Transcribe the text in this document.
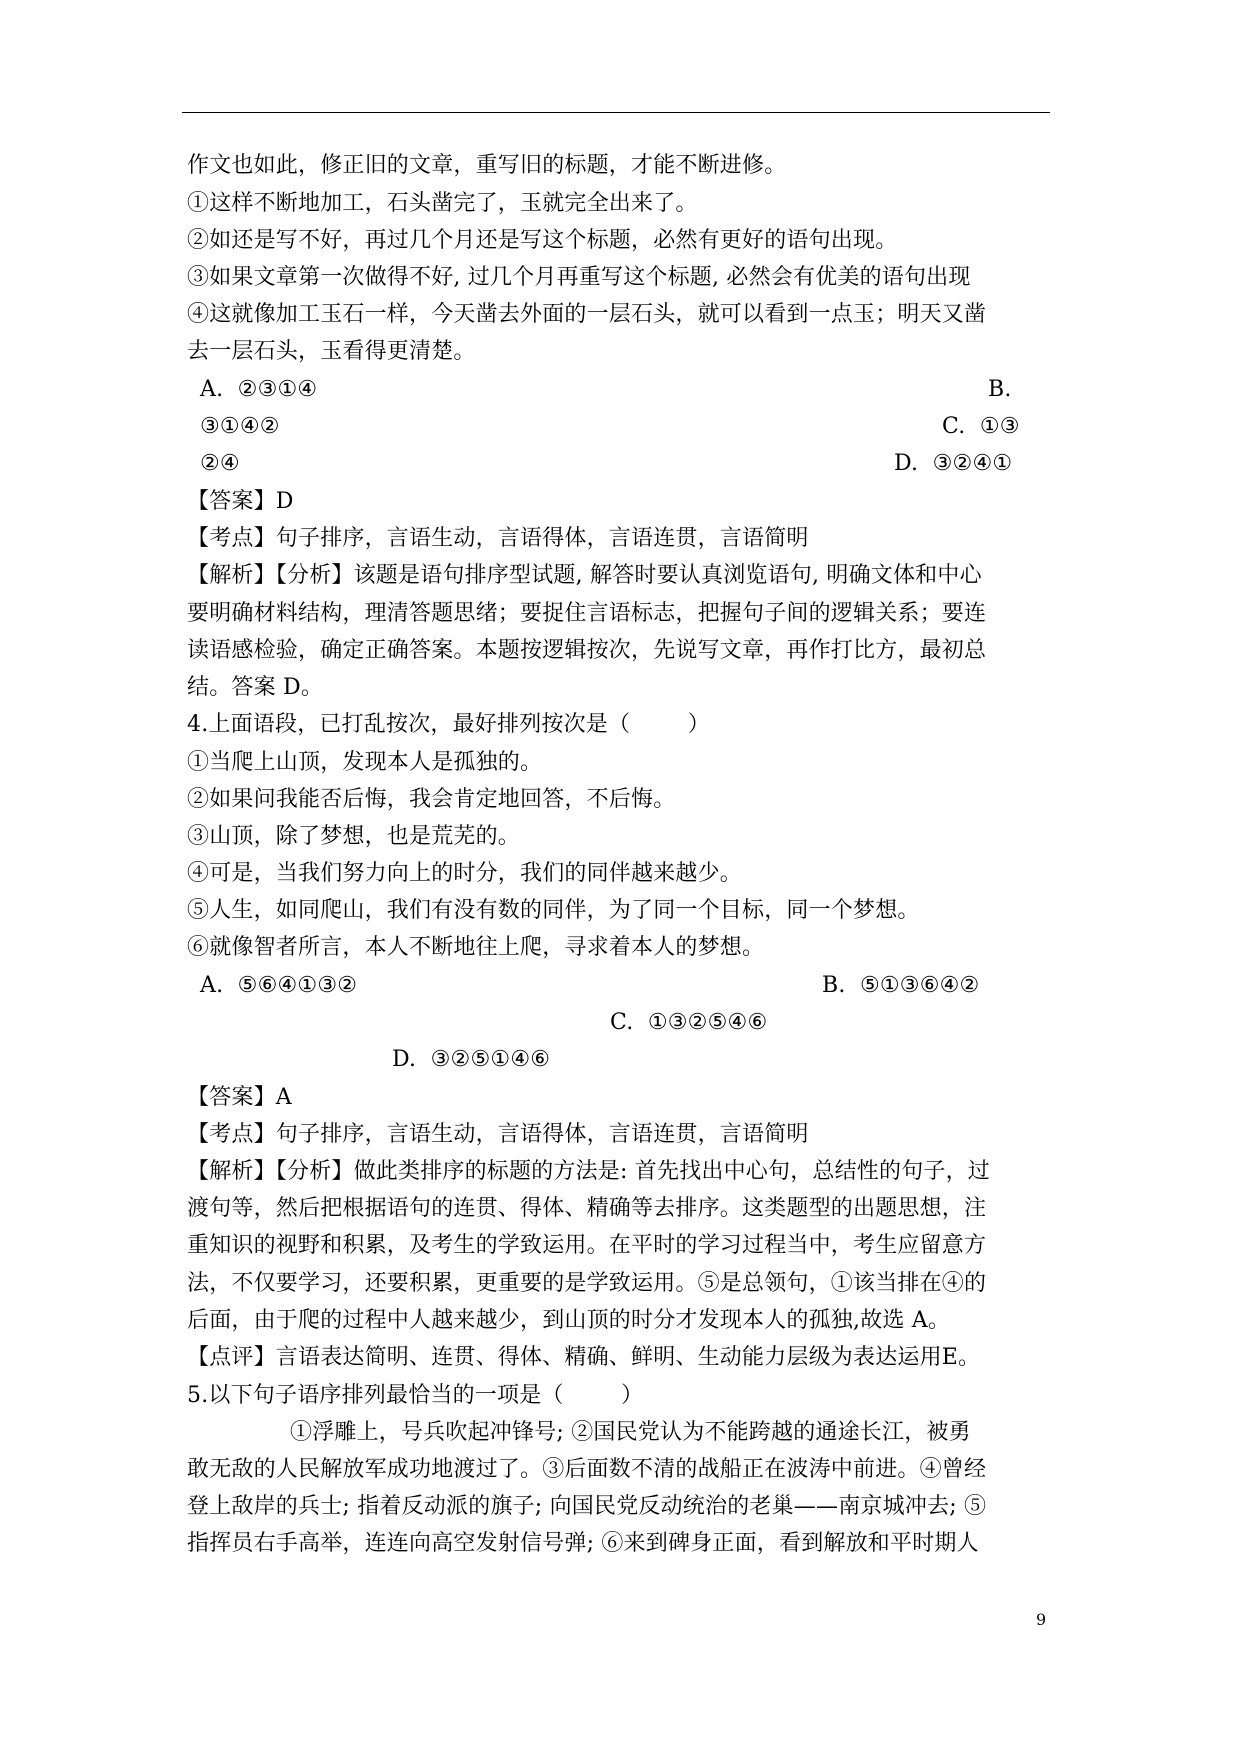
作文也如此，修正旧的文章，重写旧的标题，才能不断进修。
①这样不断地加工，石头凿完了，玉就完全出来了。
②如还是写不好，再过几个月还是写这个标题，必然有更好的语句出现。
③如果文章第一次做得不好, 过几个月再重写这个标题, 必然会有优美的语句出现
④这就像加工玉石一样，今天凿去外面的一层石头，就可以看到一点玉；明天又凿
去一层石头，玉看得更清楚。
A.  ②③①④	B.
③①④②	C.  ①③
②④	D.  ③②④①
【答案】D
【考点】句子排序，言语生动，言语得体，言语连贯，言语简明
【解析】【分析】该题是语句排序型试题, 解答时要认真浏览语句, 明确文体和中心
要明确材料结构，理清答题思绪；要捉住言语标志，把握句子间的逻辑关系；要连
读语感检验，确定正确答案。本题按逻辑按次，先说写文章，再作打比方，最初总
结。答案 D。
4.上面语段，已打乱按次，最好排列按次是（        ）
①当爬上山顶，发现本人是孤独的。
②如果问我能否后悔，我会肯定地回答，不后悔。
③山顶，除了梦想，也是荒芜的。
④可是，当我们努力向上的时分，我们的同伴越来越少。
⑤人生，如同爬山，我们有没有数的同伴，为了同一个目标，同一个梦想。
⑥就像智者所言，本人不断地往上爬，寻求着本人的梦想。
A.  ⑤⑥④①③②	B.  ⑤①③⑥④②
C.  ①③②⑤④⑥
D.  ③②⑤①④⑥
【答案】A
【考点】句子排序，言语生动，言语得体，言语连贯，言语简明
【解析】【分析】做此类排序的标题的方法是: 首先找出中心句，总结性的句子，过
渡句等，然后把根据语句的连贯、得体、精确等去排序。这类题型的出题思想，注
重知识的视野和积累，及考生的学致运用。在平时的学习过程当中，考生应留意方
法，不仅要学习，还要积累，更重要的是学致运用。⑤是总领句，①该当排在④的
后面，由于爬的过程中人越来越少，到山顶的时分才发现本人的孤独,故选 A。
【点评】言语表达简明、连贯、得体、精确、鲜明、生动能力层级为表达运用E。
5.以下句子语序排列最恰当的一项是（        ）
①浮雕上，号兵吹起冲锋号; ②国民党认为不能跨越的通途长江，被勇
敢无敌的人民解放军成功地渡过了。③后面数不清的战船正在波涛中前进。④曾经
登上敌岸的兵士; 指着反动派的旗子; 向国民党反动统治的老巢——南京城冲去; ⑤
指挥员右手高举，连连向高空发射信号弹; ⑥来到碑身正面，看到解放和平时期人
9
